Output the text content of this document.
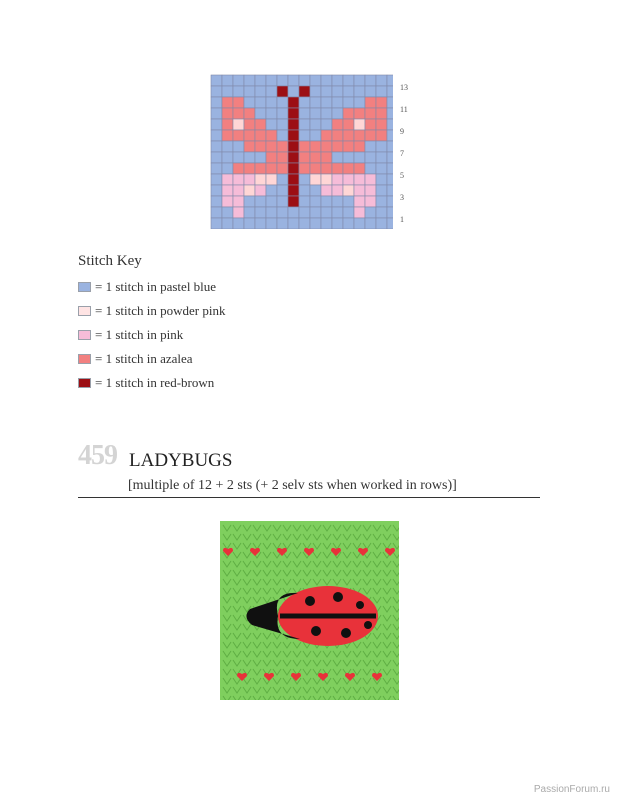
13
11
9
7
5
3
1
Stitch Key
= 1 stitch in pastel blue
= 1 stitch in powder pink
= 1 stitch in pink
= 1 stitch in azalea
= 1 stitch in red-brown
459 LADYBUGS
[multiple of 12 + 2 sts (+ 2 selv sts when worked in rows)]
PassionForum.ru
